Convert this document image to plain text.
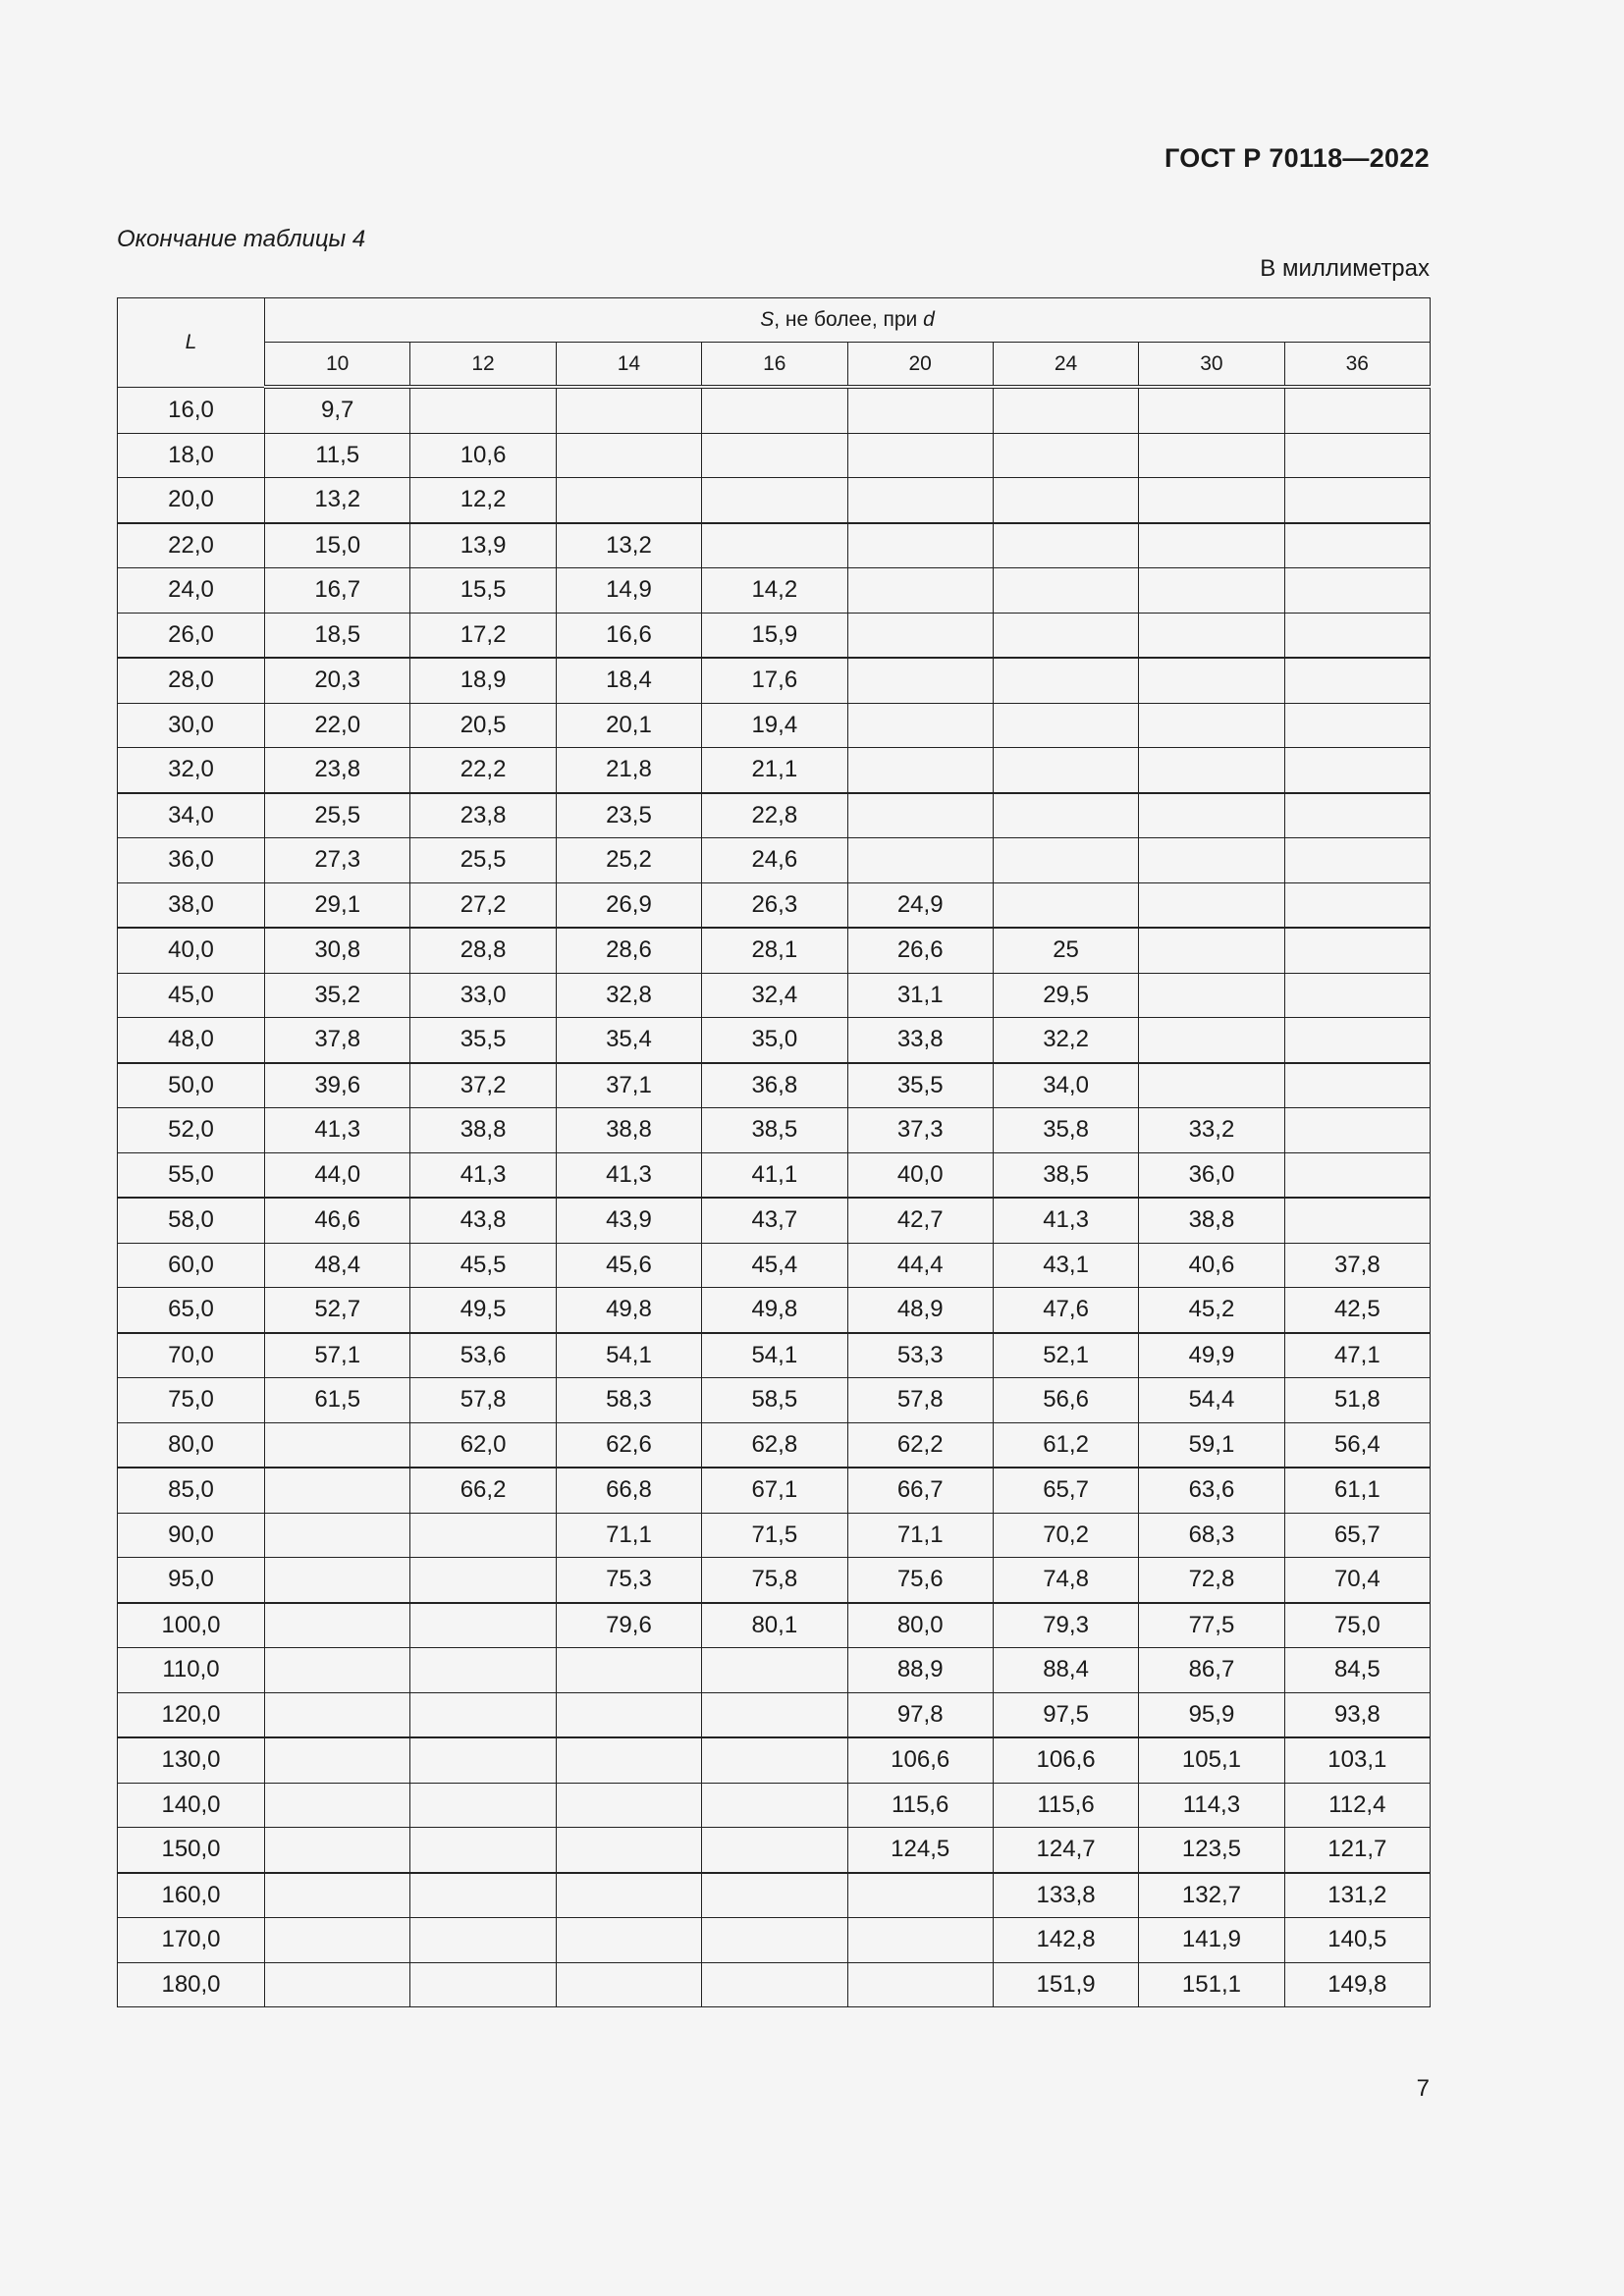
ГОСТ Р 70118—2022
Окончание таблицы 4
В миллиметрах
L	S, не более, при d							
	10	12	14	16	20	24	30	36
16,0	9,7							
18,0	11,5	10,6						
20,0	13,2	12,2						
22,0	15,0	13,9	13,2					
24,0	16,7	15,5	14,9	14,2				
26,0	18,5	17,2	16,6	15,9				
28,0	20,3	18,9	18,4	17,6				
30,0	22,0	20,5	20,1	19,4				
32,0	23,8	22,2	21,8	21,1				
34,0	25,5	23,8	23,5	22,8				
36,0	27,3	25,5	25,2	24,6				
38,0	29,1	27,2	26,9	26,3	24,9			
40,0	30,8	28,8	28,6	28,1	26,6	25		
45,0	35,2	33,0	32,8	32,4	31,1	29,5		
48,0	37,8	35,5	35,4	35,0	33,8	32,2		
50,0	39,6	37,2	37,1	36,8	35,5	34,0		
52,0	41,3	38,8	38,8	38,5	37,3	35,8	33,2	
55,0	44,0	41,3	41,3	41,1	40,0	38,5	36,0	
58,0	46,6	43,8	43,9	43,7	42,7	41,3	38,8	
60,0	48,4	45,5	45,6	45,4	44,4	43,1	40,6	37,8
65,0	52,7	49,5	49,8	49,8	48,9	47,6	45,2	42,5
70,0	57,1	53,6	54,1	54,1	53,3	52,1	49,9	47,1
75,0	61,5	57,8	58,3	58,5	57,8	56,6	54,4	51,8
80,0		62,0	62,6	62,8	62,2	61,2	59,1	56,4
85,0		66,2	66,8	67,1	66,7	65,7	63,6	61,1
90,0			71,1	71,5	71,1	70,2	68,3	65,7
95,0			75,3	75,8	75,6	74,8	72,8	70,4
100,0			79,6	80,1	80,0	79,3	77,5	75,0
110,0					88,9	88,4	86,7	84,5
120,0					97,8	97,5	95,9	93,8
130,0					106,6	106,6	105,1	103,1
140,0					115,6	115,6	114,3	112,4
150,0					124,5	124,7	123,5	121,7
160,0						133,8	132,7	131,2
170,0						142,8	141,9	140,5
180,0						151,9	151,1	149,8
7
